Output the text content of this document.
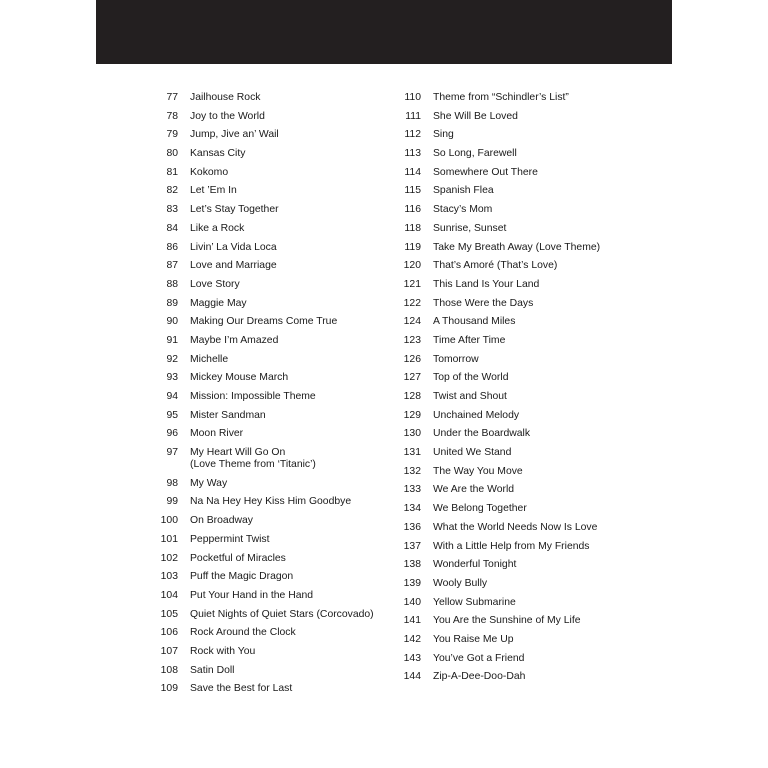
77	Jailhouse Rock
78	Joy to the World
79	Jump, Jive an’ Wail
80	Kansas City
81	Kokomo
82	Let ’Em In
83	Let’s Stay Together
84	Like a Rock
86	Livin’ La Vida Loca
87	Love and Marriage
88	Love Story
89	Maggie May
90	Making Our Dreams Come True
91	Maybe I’m Amazed
92	Michelle
93	Mickey Mouse March
94	Mission: Impossible Theme
95	Mister Sandman
96	Moon River
97	My Heart Will Go On
(Love Theme from ‘Titanic’)
98	My Way
99	Na Na Hey Hey Kiss Him Goodbye
100	On Broadway
101	Peppermint Twist
102	Pocketful of Miracles
103	Puff the Magic Dragon
104	Put Your Hand in the Hand
105	Quiet Nights of Quiet Stars (Corcovado)
106	Rock Around the Clock
107	Rock with You
108	Satin Doll
109	Save the Best for Last
110	Theme from “Schindler’s List”
111	She Will Be Loved
112	Sing
113	So Long, Farewell
114	Somewhere Out There
115	Spanish Flea
116	Stacy’s Mom
118	Sunrise, Sunset
119	Take My Breath Away (Love Theme)
120	That’s Amoré (That’s Love)
121	This Land Is Your Land
122	Those Were the Days
124	A Thousand Miles
123	Time After Time
126	Tomorrow
127	Top of the World
128	Twist and Shout
129	Unchained Melody
130	Under the Boardwalk
131	United We Stand
132	The Way You Move
133	We Are the World
134	We Belong Together
136	What the World Needs Now Is Love
137	With a Little Help from My Friends
138	Wonderful Tonight
139	Wooly Bully
140	Yellow Submarine
141	You Are the Sunshine of My Life
142	You Raise Me Up
143	You’ve Got a Friend
144	Zip-A-Dee-Doo-Dah
